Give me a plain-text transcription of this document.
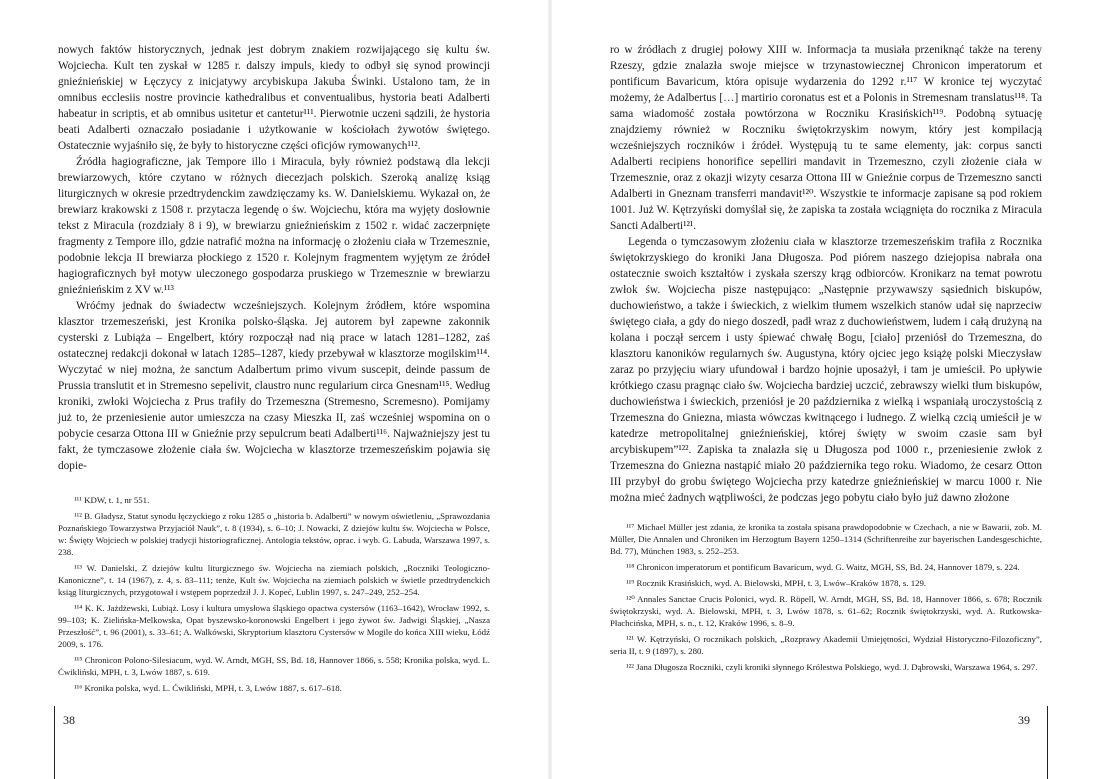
nowych faktów historycznych, jednak jest dobrym znakiem rozwijającego się kultu św. Wojciecha. Kult ten zyskał w 1285 r. dalszy impuls, kiedy to odbył się synod prowincji gnieźnieńskiej w Łęczycy z inicjatywy arcybiskupa Jakuba Świnki. Ustalono tam, że in omnibus ecclesiis nostre provincie kathedralibus et conventualibus, hystoria beati Adalberti habeatur in scriptis, et ab omnibus usitetur et cantetur¹¹¹. Pierwotnie uczeni sądzili, że hystoria beati Adalberti oznaczało posiadanie i użytkowanie w kościołach żywotów świętego. Ostatecznie wyjaśniło się, że były to historyczne części oficjów rymowanych¹¹².

Źródła hagiograficzne, jak Tempore illo i Miracula, były również podstawą dla lekcji brewiarzowych, które czytano w różnych diecezjach polskich. Szeroką analizę ksiąg liturgicznych w okresie przedtrydenckim zawdzięczamy ks. W. Danielskiemu. Wykazał on, że brewiarz krakowski z 1508 r. przytacza legendę o św. Wojciechu, która ma wyjęty dosłownie tekst z Miracula (rozdziały 8 i 9), w brewiarzu gnieźnieńskim z 1502 r. widać zaczerpnięte fragmenty z Tempore illo, gdzie natrafić można na informację o złożeniu ciała w Trzemesznie, podobnie lekcja II brewiarza płockiego z 1520 r. Kolejnym fragmentem wyjętym ze źródeł hagiograficznych był motyw uleczonego gospodarza pruskiego w Trzemesznie w brewiarzu gnieźnieńskim z XV w.¹¹³

Wróćmy jednak do świadectw wcześniejszych. Kolejnym źródłem, które wspomina klasztor trzemeszeński, jest Kronika polsko-śląska. Jej autorem był zapewne zakonnik cysterski z Lubiąża – Engelbert, który rozpoczął nad nią prace w latach 1281–1282, zaś ostatecznej redakcji dokonał w latach 1285–1287, kiedy przebywał w klasztorze mogilskim¹¹⁴. Wyczytać w niej można, że sanctum Adalbertum primo vivum suscepit, deinde passum de Prussia translutit et in Stremesno sepelivit, claustro nunc regularium circa Gnesnam¹¹⁵. Według kroniki, zwłoki Wojciecha z Prus trafiły do Trzemeszna (Stremesno, Scremesno). Pomijamy już to, że przeniesienie autor umieszcza na czasy Mieszka II, zaś wcześniej wspomina on o pobycie cesarza Ottona III w Gnieźnie przy sepulcrum beati Adalberti¹¹⁶. Najważniejszy jest tu fakt, że tymczasowe złożenie ciała św. Wojciecha w klasztorze trzemeszeńskim pojawia się dopie-

¹¹¹ KDW, t. 1, nr 551.

¹¹² B. Gładysz, Statut synodu łęczyckiego z roku 1285 o „historia b. Adalberti” w nowym oświetleniu, „Sprawozdania Poznańskiego Towarzystwa Przyjaciół Nauk”, t. 8 (1934), s. 6–10; J. Nowacki, Z dziejów kultu św. Wojciecha w Polsce, w: Święty Wojciech w polskiej tradycji historiograficznej. Antologia tekstów, oprac. i wyb. G. Labuda, Warszawa 1997, s. 238.

¹¹³ W. Danielski, Z dziejów kultu liturgicznego św. Wojciecha na ziemiach polskich, „Roczniki Teologiczno-Kanoniczne”, t. 14 (1967), z. 4, s. 83–111; tenże, Kult św. Wojciecha na ziemiach polskich w świetle przedtrydenckich ksiąg liturgicznych, przygotował i wstępem poprzedził J. J. Kopeć, Lublin 1997, s. 247–249, 252–254.

¹¹⁴ K. K. Jażdżewski, Lubiąż. Losy i kultura umysłowa śląskiego opactwa cystersów (1163–1642), Wrocław 1992, s. 99–103; K. Zielińska-Melkowska, Opat byszewsko-koronowski Engelbert i jego żywot św. Jadwigi Śląskiej, „Nasza Przeszłość”, t. 96 (2001), s. 33–61; A. Walkówski, Skryptorium klasztoru Cystersów w Mogile do końca XIII wieku, Łódź 2009, s. 176.

¹¹⁵ Chronicon Polono-Silesiacum, wyd. W. Arndt, MGH, SS, Bd. 18, Hannover 1866, s. 558; Kronika polska, wyd. L. Ćwikliński, MPH, t. 3, Lwów 1887, s. 619.

¹¹⁶ Kronika polska, wyd. L. Ćwikliński, MPH, t. 3, Lwów 1887, s. 617–618.

38

ro w źródłach z drugiej połowy XIII w. Informacja ta musiała przeniknąć także na tereny Rzeszy, gdzie znalazła swoje miejsce w trzynastowiecznej Chronicon imperatorum et pontificum Bavaricum, która opisuje wydarzenia do 1292 r.¹¹⁷ W kronice tej wyczytać możemy, że Adalbertus […] martirio coronatus est et a Polonis in Stremesnam translatus¹¹⁸. Ta sama wiadomość została powtórzona w Roczniku Krasińskich¹¹⁹. Podobną sytuację znajdziemy również w Roczniku świętokrzyskim nowym, który jest kompilacją wcześniejszych roczników i źródeł. Występują tu te same elementy, jak: corpus sancti Adalberti recipiens honorifice sepelliri mandavit in Trzemeszno, czyli złożenie ciała w Trzemesznie, oraz z okazji wizyty cesarza Ottona III w Gnieźnie corpus de Trzemeszno sancti Adalberti in Gneznam transferri mandavit¹²⁰. Wszystkie te informacje zapisane są pod rokiem 1001. Już W. Kętrzyński domyślał się, że zapiska ta została wciągnięta do rocznika z Miracula Sancti Adalberti¹²¹.

Legenda o tymczasowym złożeniu ciała w klasztorze trzemeszeńskim trafiła z Rocznika świętokrzyskiego do kroniki Jana Długosza. Pod piórem naszego dziejopisa nabrała ona ostatecznie swoich kształtów i zyskała szerszy krąg odbiorców. Kronikarz na temat powrotu zwłok św. Wojciecha pisze następująco: „Następnie przywawszy sąsiednich biskupów, duchowieństwo, a także i świeckich, z wielkim tłumem wszelkich stanów udał się naprzeciw świętego ciała, a gdy do niego doszedł, padł wraz z duchowieństwem, ludem i całą drużyną na kolana i począł sercem i usty śpiewać chwałę Bogu, [ciało] przeniósł do Trzemeszna, do klasztoru kanoników regularnych św. Augustyna, który ojciec jego książę polski Mieczysław zaraz po przyjęciu wiary ufundował i bardzo hojnie uposażył, i tam je umieścił. Po upływie krótkiego czasu pragnąc ciało św. Wojciecha bardziej uczcić, zebrawszy wielki tłum biskupów, duchowieństwa i świeckich, przeniósł je 20 października z wielką i wspaniałą uroczystością z Trzemeszna do Gniezna, miasta wówczas kwitnącego i ludnego. Z wielką czcią umieścił je w katedrze metropolitalnej gnieźnieńskiej, której święty w swoim czasie sam był arcybiskupem”¹²². Zapiska ta znalazła się u Długosza pod 1000 r., przeniesienie zwłok z Trzemeszna do Gniezna nastąpić miało 20 października tego roku. Wiadomo, że cesarz Otton III przybył do grobu świętego Wojciecha przy katedrze gnieźnieńskiej w marcu 1000 r. Nie można mieć żadnych wątpliwości, że podczas jego pobytu ciało było już dawno złożone

¹¹⁷ Michael Müller jest zdania, że kronika ta została spisana prawdopodobnie w Czechach, a nie w Bawarii, zob. M. Müller, Die Annalen und Chroniken im Herzogtum Bayern 1250–1314 (Schriftenreihe zur bayerischen Landesgeschichte, Bd. 77), München 1983, s. 252–253.

¹¹⁸ Chronicon imperatorum et pontificum Bavaricum, wyd. G. Waitz, MGH, SS, Bd. 24, Hannover 1879, s. 224.

¹¹⁹ Rocznik Krasińskich, wyd. A. Bielowski, MPH, t. 3, Lwów–Kraków 1878, s. 129.

¹²⁰ Annales Sanctae Crucis Polonici, wyd. R. Röpell, W. Arndt, MGH, SS, Bd. 18, Hannover 1866, s. 678; Rocznik świętokrzyski, wyd. A. Bielowski, MPH, t. 3, Lwów 1878, s. 61–62; Rocznik świętokrzyski, wyd. A. Rutkowska-Płachcińska, MPH, s. n., t. 12, Kraków 1996, s. 8–9.

¹²¹ W. Kętrzyński, O rocznikach polskich, „Rozprawy Akademii Umiejętności, Wydział Historyczno-Filozoficzny”, seria II, t. 9 (1897), s. 280.

¹²² Jana Długosza Roczniki, czyli kroniki słynnego Królestwa Polskiego, wyd. J. Dąbrowski, Warszawa 1964, s. 297.

39
